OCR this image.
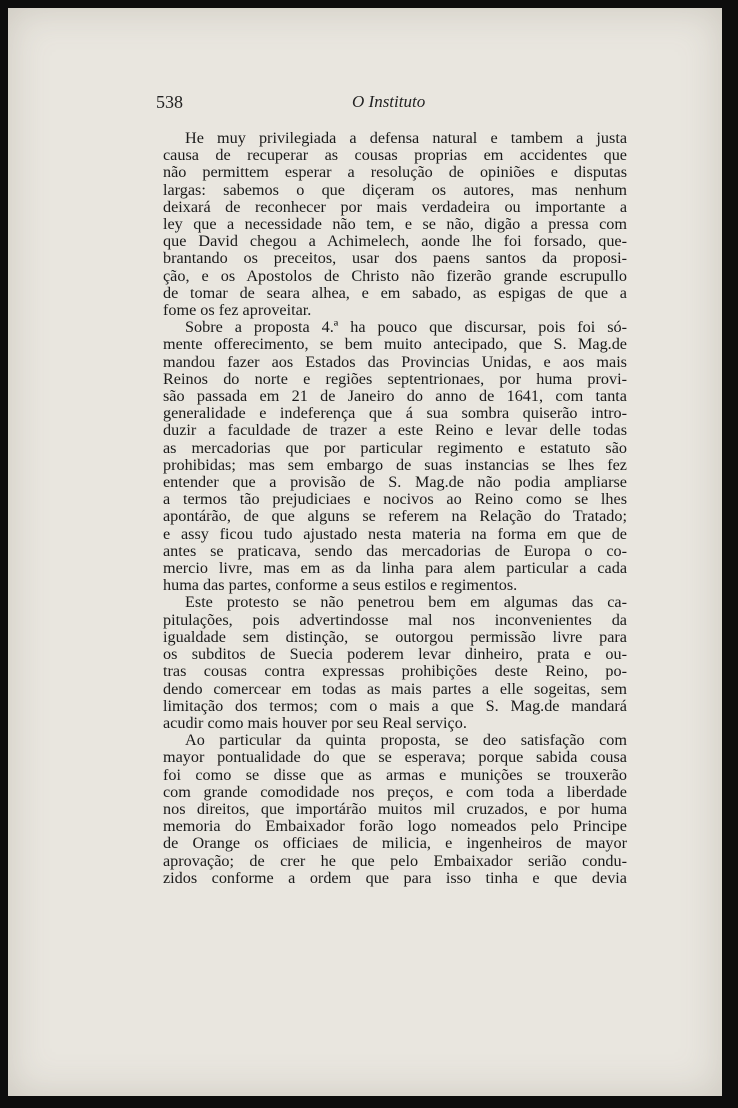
538	O Instituto
He muy privilegiada a defensa natural e tambem a justa
causa de recuperar as cousas proprias em accidentes que
não permittem esperar a resolução de opiniões e disputas
largas: sabemos o que diçeram os autores, mas nenhum
deixará de reconhecer por mais verdadeira ou importante a
ley que a necessidade não tem, e se não, digão a pressa com
que David chegou a Achimelech, aonde lhe foi forsado, que-
brantando os preceitos, usar dos paens santos da proposi-
ção, e os Apostolos de Christo não fizerão grande escrupullo
de tomar de seara alhea, e em sabado, as espigas de que a
fome os fez aproveitar.
Sobre a proposta 4.ª ha pouco que discursar, pois foi só-
mente offerecimento, se bem muito antecipado, que S. Mag.de
mandou fazer aos Estados das Provincias Unidas, e aos mais
Reinos do norte e regiões septentrionaes, por huma provi-
são passada em 21 de Janeiro do anno de 1641, com tanta
generalidade e indeferença que á sua sombra quiserão intro-
duzir a faculdade de trazer a este Reino e levar delle todas
as mercadorias que por particular regimento e estatuto são
prohibidas; mas sem embargo de suas instancias se lhes fez
entender que a provisão de S. Mag.de não podia ampliarse
a termos tão prejudiciaes e nocivos ao Reino como se lhes
apontárão, de que alguns se referem na Relação do Tratado;
e assy ficou tudo ajustado nesta materia na forma em que de
antes se praticava, sendo das mercadorias de Europa o co-
mercio livre, mas em as da linha para alem particular a cada
huma das partes, conforme a seus estilos e regimentos.
Este protesto se não penetrou bem em algumas das ca-
pitulações, pois advertindosse mal nos inconvenientes da
igualdade sem distinção, se outorgou permissão livre para
os subditos de Suecia poderem levar dinheiro, prata e ou-
tras cousas contra expressas prohibições deste Reino, po-
dendo comercear em todas as mais partes a elle sogeitas, sem
limitação dos termos; com o mais a que S. Mag.de mandará
acudir como mais houver por seu Real serviço.
Ao particular da quinta proposta, se deo satisfação com
mayor pontualidade do que se esperava; porque sabida cousa
foi como se disse que as armas e munições se trouxerão
com grande comodidade nos preços, e com toda a liberdade
nos direitos, que importárão muitos mil cruzados, e por huma
memoria do Embaixador forão logo nomeados pelo Principe
de Orange os officiaes de milicia, e ingenheiros de mayor
aprovação; de crer he que pelo Embaixador serião condu-
zidos conforme a ordem que para isso tinha e que devia
